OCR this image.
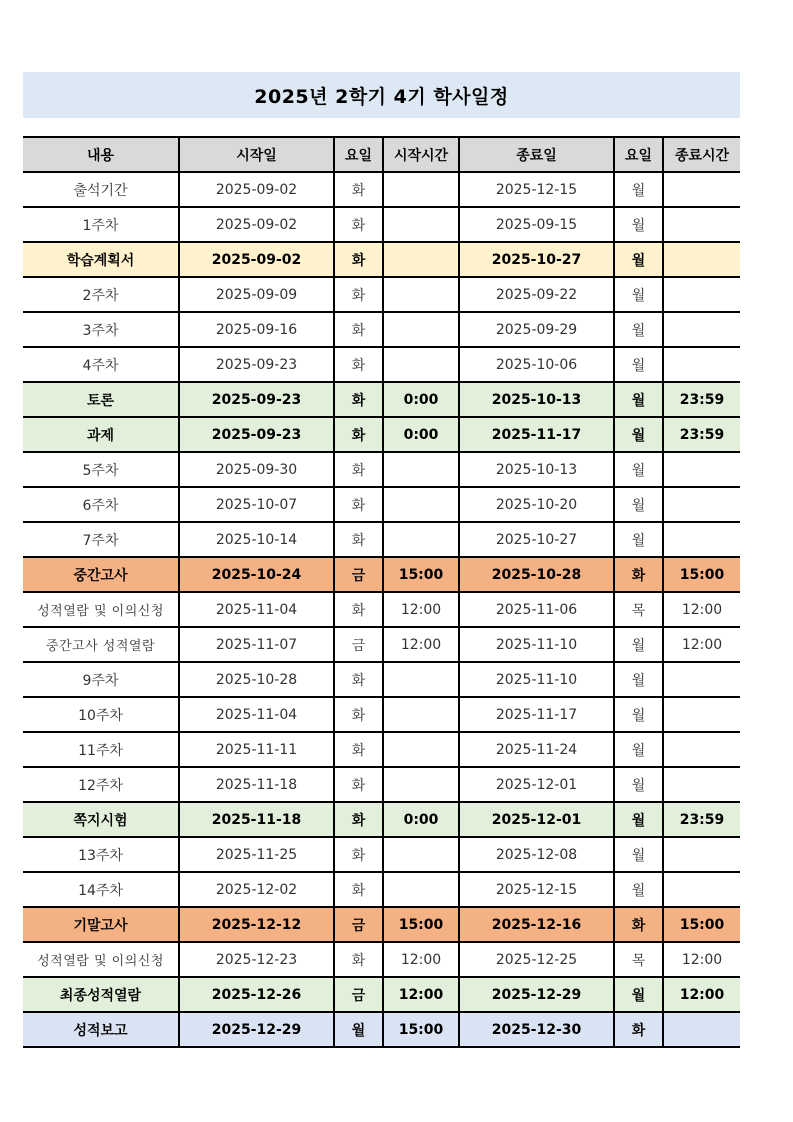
2025년 2학기 4기 학사일정
내용	시작일	요일	시작시간	종료일	요일	종료시간
출석기간	2025-09-02	화		2025-12-15	월	
1주차	2025-09-02	화		2025-09-15	월	
학습계획서	2025-09-02	화		2025-10-27	월	
2주차	2025-09-09	화		2025-09-22	월	
3주차	2025-09-16	화		2025-09-29	월	
4주차	2025-09-23	화		2025-10-06	월	
토론	2025-09-23	화	0:00	2025-10-13	월	23:59
과제	2025-09-23	화	0:00	2025-11-17	월	23:59
5주차	2025-09-30	화		2025-10-13	월	
6주차	2025-10-07	화		2025-10-20	월	
7주차	2025-10-14	화		2025-10-27	월	
중간고사	2025-10-24	금	15:00	2025-10-28	화	15:00
성적열람 및 이의신청	2025-11-04	화	12:00	2025-11-06	목	12:00
중간고사 성적열람	2025-11-07	금	12:00	2025-11-10	월	12:00
9주차	2025-10-28	화		2025-11-10	월	
10주차	2025-11-04	화		2025-11-17	월	
11주차	2025-11-11	화		2025-11-24	월	
12주차	2025-11-18	화		2025-12-01	월	
쪽지시험	2025-11-18	화	0:00	2025-12-01	월	23:59
13주차	2025-11-25	화		2025-12-08	월	
14주차	2025-12-02	화		2025-12-15	월	
기말고사	2025-12-12	금	15:00	2025-12-16	화	15:00
성적열람 및 이의신청	2025-12-23	화	12:00	2025-12-25	목	12:00
최종성적열람	2025-12-26	금	12:00	2025-12-29	월	12:00
성적보고	2025-12-29	월	15:00	2025-12-30	화	
